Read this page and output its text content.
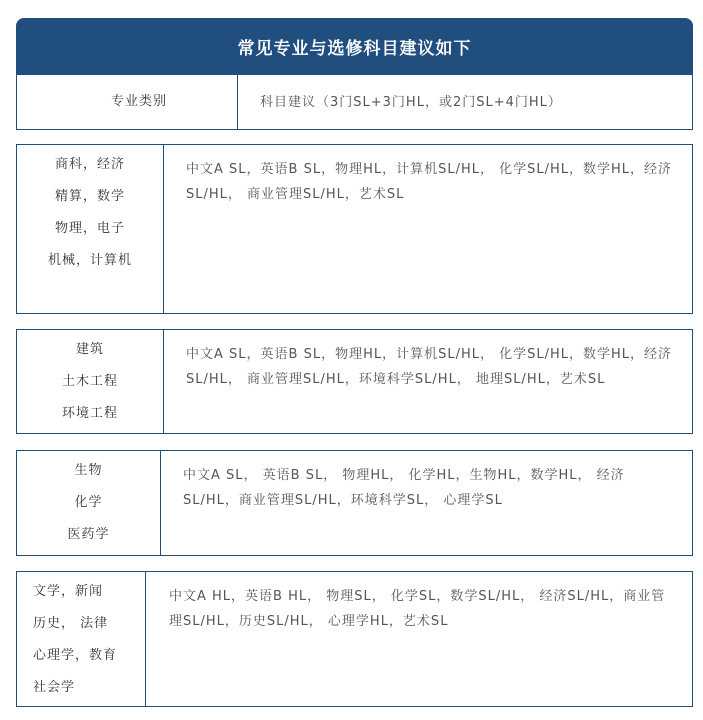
常见专业与选修科目建议如下
专业类别	科目建议（3门SL+3门HL，或2门SL+4门HL）
商科，经济
精算，数学
物理，电子
机械，计算机

中文A SL，英语B SL，物理HL，计算机SL/HL， 化学SL/HL，数学HL，经济SL/HL， 商业管理SL/HL，艺术SL

建筑
土木工程
环境工程

中文A SL，英语B SL，物理HL，计算机SL/HL， 化学SL/HL，数学HL，经济SL/HL， 商业管理SL/HL，环境科学SL/HL， 地理SL/HL，艺术SL

生物
化学
医药学

中文A SL， 英语B SL， 物理HL， 化学HL，生物HL，数学HL， 经济SL/HL，商业管理SL/HL，环境科学SL， 心理学SL

文学，新闻
历史， 法律
心理学，教育
社会学

中文A HL，英语B HL， 物理SL， 化学SL，数学SL/HL， 经济SL/HL，商业管理SL/HL，历史SL/HL， 心理学HL，艺术SL
